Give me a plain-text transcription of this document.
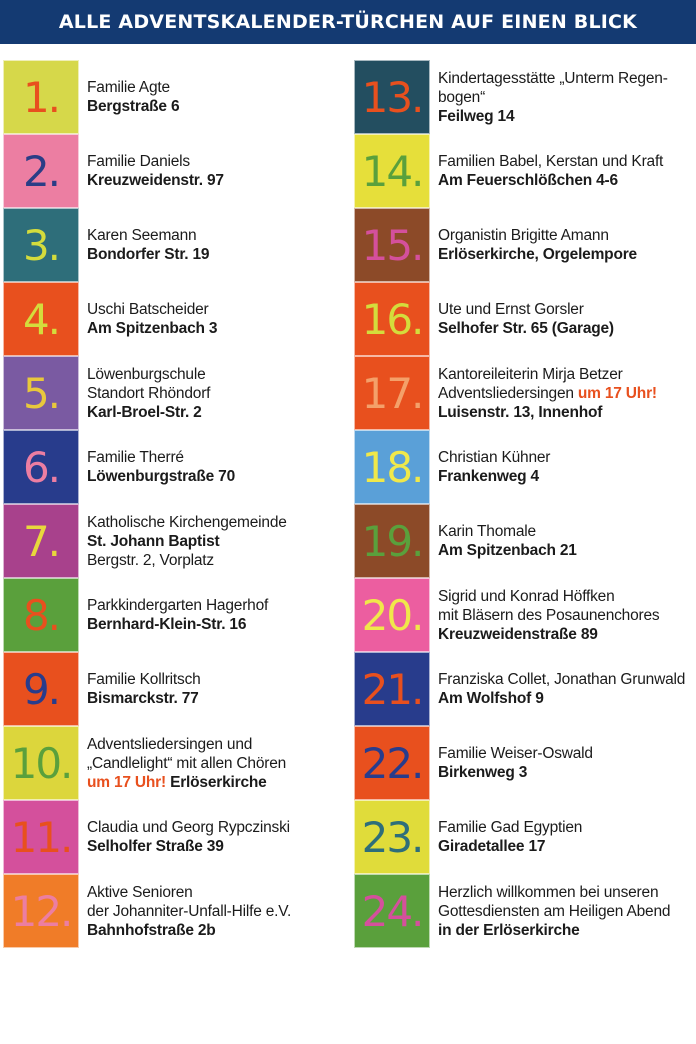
ALLE ADVENTSKALENDER-TÜRCHEN AUF EINEN BLICK
1.	Familie Agte
Bergstraße 6
2.	Familie Daniels
Kreuzweidenstr. 97
3.	Karen Seemann
Bondorfer Str. 19
4.	Uschi Batscheider
Am Spitzenbach 3
5.	Löwenburgschule
Standort Rhöndorf
Karl-Broel-Str. 2
6.	Familie Therré
Löwenburgstraße 70
7.	Katholische Kirchengemeinde
St. Johann Baptist
Bergstr. 2, Vorplatz
8.	Parkkindergarten Hagerhof
Bernhard-Klein-Str. 16
9.	Familie Kollritsch
Bismarckstr. 77
10.	Adventsliedersingen und
„Candlelight“ mit allen Chören
um 17 Uhr! Erlöserkirche
11.	Claudia und Georg Rypczinski
Selholfer Straße 39
12.	Aktive Senioren
der Johanniter-Unfall-Hilfe e.V.
Bahnhofstraße 2b
13.	Kindertagesstätte „Unterm Regen-
bogen“
Feilweg 14
14.	Familien Babel, Kerstan und Kraft
Am Feuerschlößchen 4-6
15.	Organistin Brigitte Amann
Erlöserkirche, Orgelempore
16.	Ute und Ernst Gorsler
Selhofer Str. 65 (Garage)
17.	Kantoreileiterin Mirja Betzer
Adventsliedersingen um 17 Uhr!
Luisenstr. 13, Innenhof
18.	Christian Kühner
Frankenweg 4
19.	Karin Thomale
Am Spitzenbach 21
20.	Sigrid und Konrad Höffken
mit Bläsern des Posaunenchores
Kreuzweidenstraße 89
21.	Franziska Collet, Jonathan Grunwald
Am Wolfshof 9
22.	Familie Weiser-Oswald
Birkenweg 3
23.	Familie Gad Egyptien
Giradetallee 17
24.	Herzlich willkommen bei unseren
Gottesdiensten am Heiligen Abend
in der Erlöserkirche
